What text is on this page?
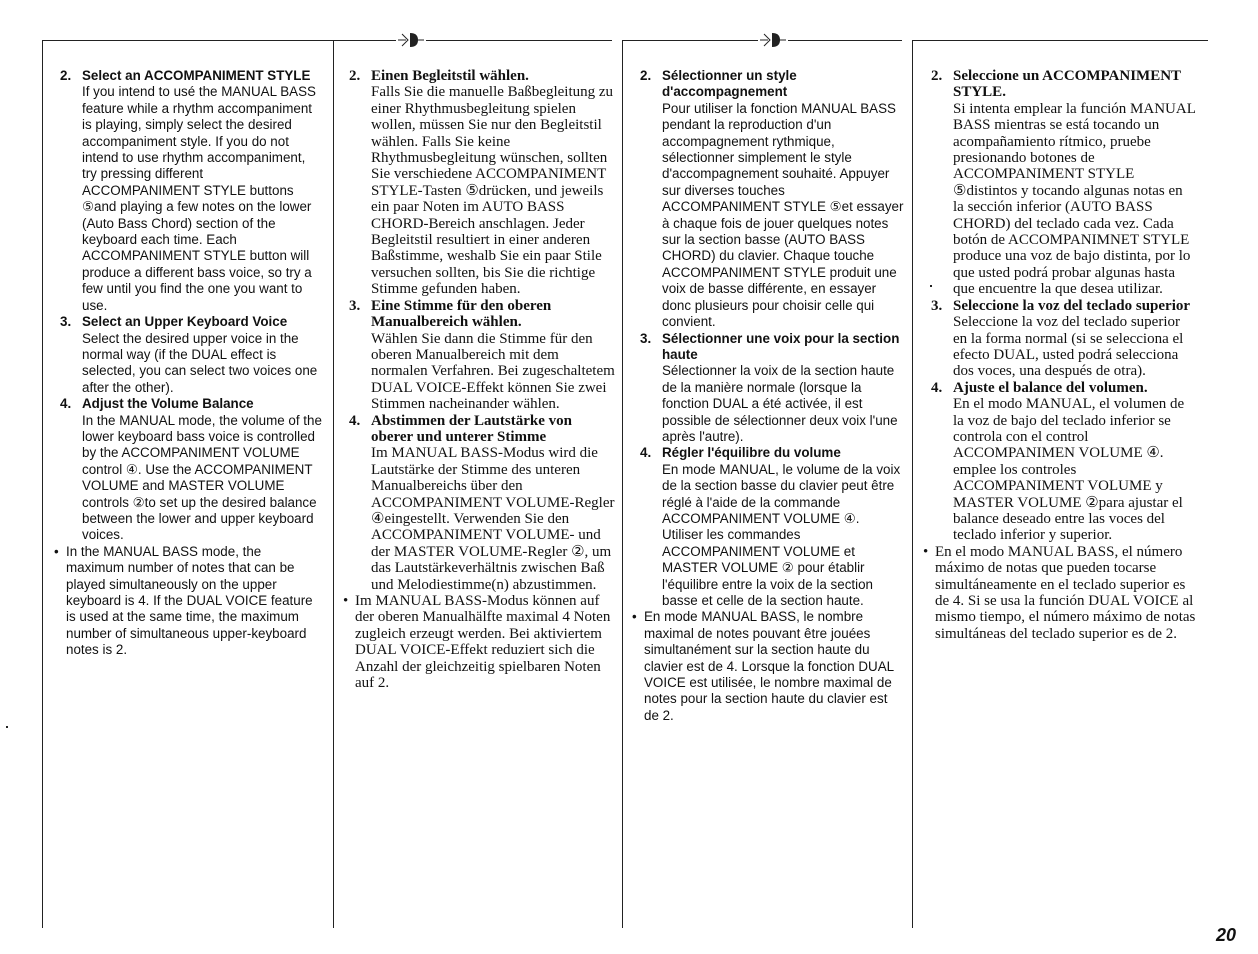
2. Select an ACCOMPANIMENT STYLE
If you intend to usé the MANUAL BASS feature while a rhythm accompaniment is playing, simply select the desired accompaniment style. If you do not intend to use rhythm accompaniment, try pressing different ACCOMPANIMENT STYLE buttons ⑤and playing a few notes on the lower (Auto Bass Chord) section of the keyboard each time. Each ACCOMPANIMENT STYLE button will produce a different bass voice, so try a few until you find the one you want to use.
3. Select an Upper Keyboard Voice
Select the desired upper voice in the normal way (if the DUAL effect is selected, you can select two voices one after the other).
4. Adjust the Volume Balance
In the MANUAL mode, the volume of the lower keyboard bass voice is controlled by the ACCOMPANIMENT VOLUME control ④. Use the ACCOMPANIMENT VOLUME and MASTER VOLUME controls ②to set up the desired balance between the lower and upper keyboard voices.
• In the MANUAL BASS mode, the maximum number of notes that can be played simultaneously on the upper keyboard is 4. If the DUAL VOICE feature is used at the same time, the maximum number of simultaneous upper-keyboard notes is 2.
2. Einen Begleitstil wählen.
Falls Sie die manuelle Baßbegleitung zu einer Rhythmusbegleitung spielen wollen, müssen Sie nur den Begleitstil wählen. Falls Sie keine Rhythmusbegleitung wünschen, sollten Sie verschiedene ACCOMPANIMENT STYLE-Tasten ⑤drücken, und jeweils ein paar Noten im AUTO BASS CHORD-Bereich anschlagen. Jeder Begleitstil resultiert in einer anderen Baßstimme, weshalb Sie ein paar Stile versuchen sollten, bis Sie die richtige Stimme gefunden haben.
3. Eine Stimme für den oberen Manualbereich wählen.
Wählen Sie dann die Stimme für den oberen Manualbereich mit dem normalen Verfahren. Bei zugeschaltetem DUAL VOICE-Effekt können Sie zwei Stimmen nacheinander wählen.
4. Abstimmen der Lautstärke von oberer und unterer Stimme
Im MANUAL BASS-Modus wird die Lautstärke der Stimme des unteren Manualbereichs über den ACCOMPANIMENT VOLUME-Regler ④eingestellt. Verwenden Sie den ACCOMPANIMENT VOLUME- und der MASTER VOLUME-Regler ②, um das Lautstärkeverhältnis zwischen Baß und Melodiestimme(n) abzustimmen.
• Im MANUAL BASS-Modus können auf der oberen Manualhälfte maximal 4 Noten zugleich erzeugt werden. Bei aktiviertem DUAL VOICE-Effekt reduziert sich die Anzahl der gleichzeitig spielbaren Noten auf 2.
2. Sélectionner un style d'accompagnement
Pour utiliser la fonction MANUAL BASS pendant la reproduction d'un accompagnement rythmique, sélectionner simplement le style d'accompagnement souhaité. Appuyer sur diverses touches ACCOMPANIMENT STYLE ⑤et essayer à chaque fois de jouer quelques notes sur la section basse (AUTO BASS CHORD) du clavier. Chaque touche ACCOMPANIMENT STYLE produit une voix de basse différente, en essayer donc plusieurs pour choisir celle qui convient.
3. Sélectionner une voix pour la section haute
Sélectionner la voix de la section haute de la manière normale (lorsque la fonction DUAL a été activée, il est possible de sélectionner deux voix l'une après l'autre).
4. Régler l'équilibre du volume
En mode MANUAL, le volume de la voix de la section basse du clavier peut être réglé à l'aide de la commande ACCOMPANIMENT VOLUME ④. Utiliser les commandes ACCOMPANIMENT VOLUME et MASTER VOLUME ② pour établir l'équilibre entre la voix de la section basse et celle de la section haute.
• En mode MANUAL BASS, le nombre maximal de notes pouvant être jouées simultanément sur la section haute du clavier est de 4. Lorsque la fonction DUAL VOICE est utilisée, le nombre maximal de notes pour la section haute du clavier est de 2.
2. Seleccione un ACCOMPANIMENT STYLE.
Si intenta emplear la función MANUAL BASS mientras se está tocando un acompañamiento rítmico, pruebe presionando botones de ACCOMPANIMENT STYLE ⑤distintos y tocando algunas notas en la sección inferior (AUTO BASS CHORD) del teclado cada vez. Cada botón de ACCOMPANIMNET STYLE produce una voz de bajo distinta, por lo que usted podrá probar algunas hasta que encuentre la que desea utilizar.
3. Seleccione la voz del teclado superior
Seleccione la voz del teclado superior en la forma normal (si se selecciona el efecto DUAL, usted podrá selecciona dos voces, una después de otra).
4. Ajuste el balance del volumen.
En el modo MANUAL, el volumen de la voz de bajo del teclado inferior se controla con el control ACCOMPANIMEN VOLUME ④. emplee los controles ACCOMPANIMENT VOLUME y MASTER VOLUME ②para ajustar el balance deseado entre las voces del teclado inferior y superior.
• En el modo MANUAL BASS, el número máximo de notas que pueden tocarse simultáneamente en el teclado superior es de 4. Si se usa la función DUAL VOICE al mismo tiempo, el número máximo de notas simultáneas del teclado superior es de 2.
20
